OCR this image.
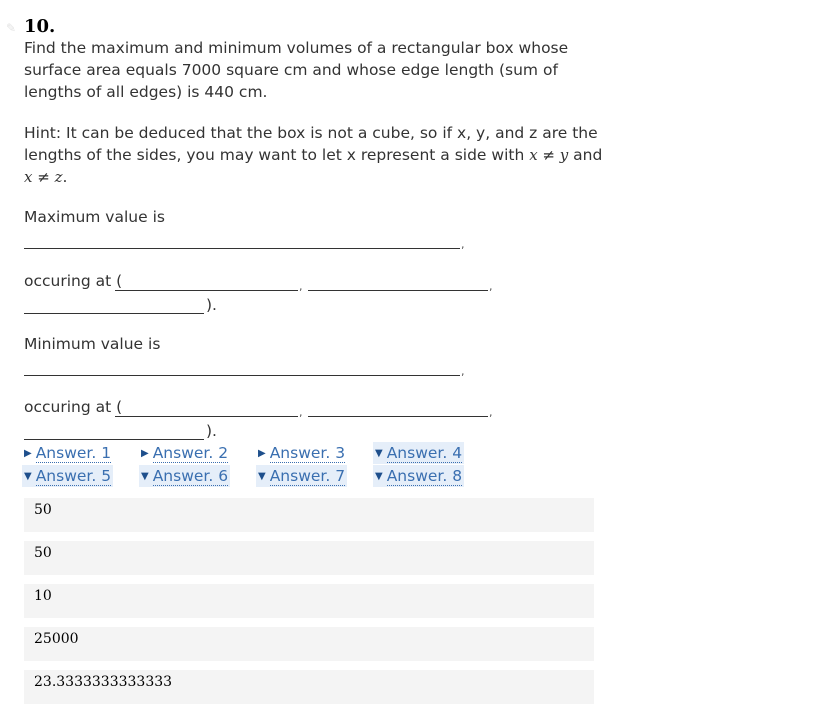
✎ 10.
Find the maximum and minimum volumes of a rectangular box whose surface area equals 7000 square cm and whose edge length (sum of lengths of all edges) is 440 cm.
Hint: It can be deduced that the box is not a cube, so if x, y, and z are the lengths of the sides, you may want to let x represent a side with x ≠ y and
x ≠ z.
Maximum value is
,
occuring at (	,	,
).
Minimum value is
,
occuring at (	,	,
).
▶ Answer. 1	▶ Answer. 2	▶ Answer. 3	▼ Answer. 4
▼ Answer. 5	▼ Answer. 6	▼ Answer. 7	▼ Answer. 8
50
50
10
25000
23.3333333333333
